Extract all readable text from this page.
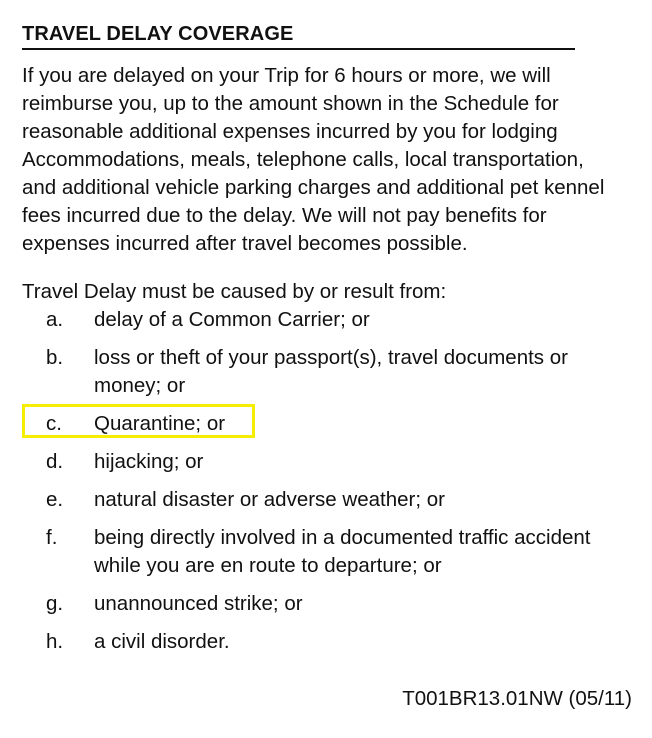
TRAVEL DELAY COVERAGE

If you are delayed on your Trip for 6 hours or more, we will reimburse you, up to the amount shown in the Schedule for reasonable additional expenses incurred by you for lodging Accommodations, meals, telephone calls, local transportation, and additional vehicle parking charges and additional pet kennel fees incurred due to the delay. We will not pay benefits for expenses incurred after travel becomes possible.

Travel Delay must be caused by or result from:

a. delay of a Common Carrier; or
b. loss or theft of your passport(s), travel documents or money; or
c. Quarantine; or
d. hijacking; or
e. natural disaster or adverse weather; or
f. being directly involved in a documented traffic accident while you are en route to departure; or
g. unannounced strike; or
h. a civil disorder.
T001BR13.01NW (05/11)
